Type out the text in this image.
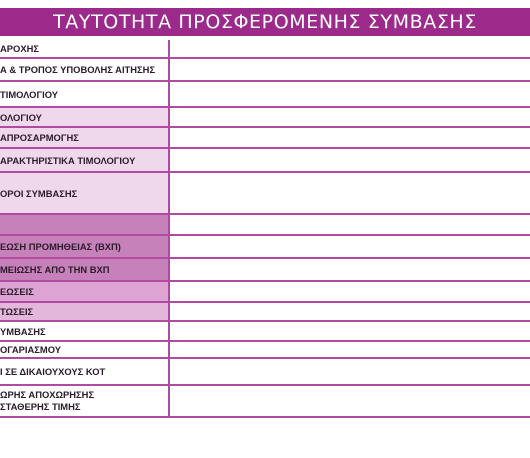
ΤΑΥΤΟΤΗΤΑ ΠΡΟΣΦΕΡΟΜΕΝΗΣ ΣΥΜΒΑΣΗΣ
ΑΡΟΧΗΣ
Α & ΤΡΟΠΟΣ ΥΠΟΒΟΛΗΣ ΑΙΤΗΣΗΣ
ΤΙΜΟΛΟΓΙΟΥ
ΟΛΟΓΙΟΥ
ΑΠΡΟΣΑΡΜΟΓΗΣ
ΑΡΑΚΤΗΡΙΣΤΙΚΑ ΤΙΜΟΛΟΓΙΟΥ
ΟΡΟΙ ΣΥΜΒΑΣΗΣ
ΕΩΣΗ ΠΡΟΜΗΘΕΙΑΣ (ΒΧΠ)
ΜΕΙΩΣΗΣ ΑΠΟ ΤΗΝ ΒΧΠ
ΕΩΣΕΙΣ
ΤΩΣΕΙΣ
ΥΜΒΑΣΗΣ
ΟΓΑΡΙΑΣΜΟΥ
Ι ΣΕ ΔΙΚΑΙΟΥΧΟΥΣ ΚΟΤ
ΩΡΗΣ ΑΠΟΧΩΡΗΣΗΣ
ΣΤΑΘΕΡΗΣ ΤΙΜΗΣ
